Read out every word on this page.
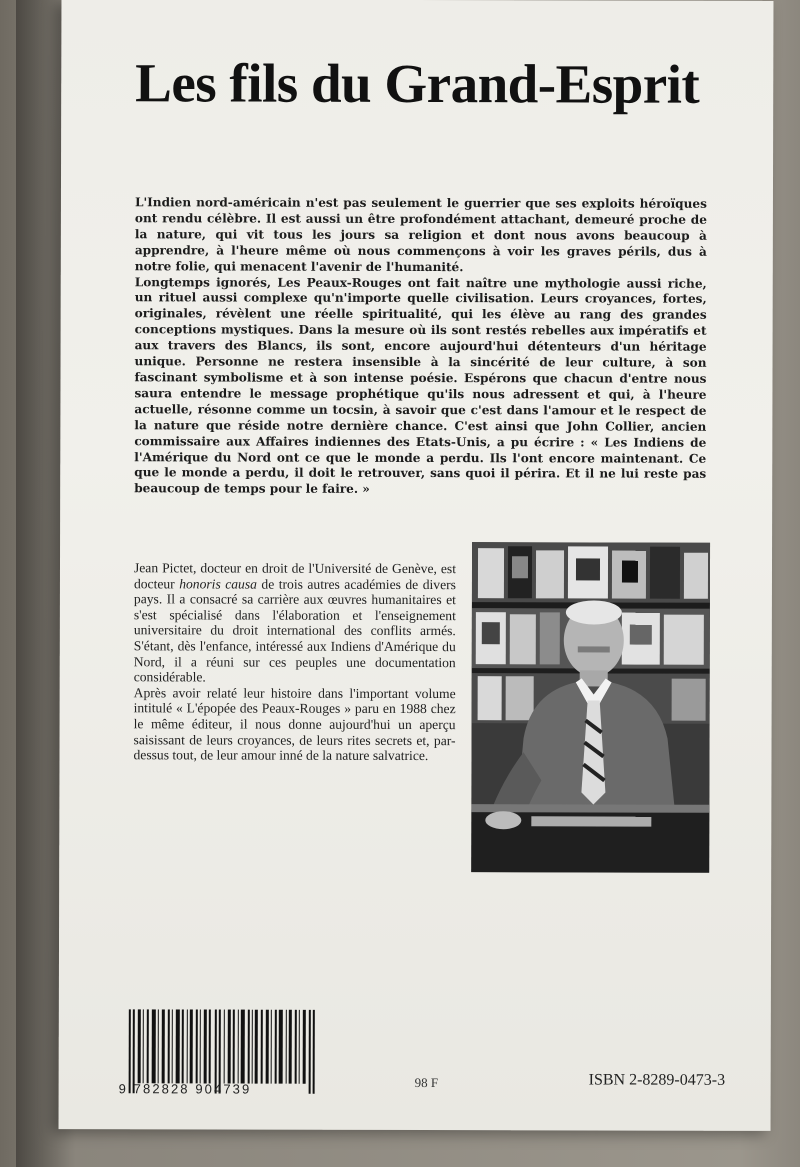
Les fils du Grand-Esprit

L'Indien nord-américain n'est pas seulement le guerrier que ses exploits héroïques ont rendu célèbre. Il est aussi un être profondément attachant, demeuré proche de la nature, qui vit tous les jours sa religion et dont nous avons beaucoup à apprendre, à l'heure même où nous commençons à voir les graves périls, dus à notre folie, qui menacent l'avenir de l'humanité.

Longtemps ignorés, Les Peaux-Rouges ont fait naître une mythologie aussi riche, un rituel aussi complexe qu'n'importe quelle civilisation. Leurs croyances, fortes, originales, révèlent une réelle spiritualité, qui les élève au rang des grandes conceptions mystiques. Dans la mesure où ils sont restés rebelles aux impératifs et aux travers des Blancs, ils sont, encore aujourd'hui détenteurs d'un héritage unique. Personne ne restera insensible à la sincérité de leur culture, à son fascinant symbolisme et à son intense poésie. Espérons que chacun d'entre nous saura entendre le message prophétique qu'ils nous adressent et qui, à l'heure actuelle, résonne comme un tocsin, à savoir que c'est dans l'amour et le respect de la nature que réside notre dernière chance. C'est ainsi que John Collier, ancien commissaire aux Affaires indiennes des Etats-Unis, a pu écrire : « Les Indiens de l'Amérique du Nord ont ce que le monde a perdu. Ils l'ont encore maintenant. Ce que le monde a perdu, il doit le retrouver, sans quoi il périra. Et il ne lui reste pas beaucoup de temps pour le faire. »

Jean Pictet, docteur en droit de l'Université de Genève, est docteur honoris causa de trois autres académies de divers pays. Il a consacré sa carrière aux œuvres humanitaires et s'est spécialisé dans l'élaboration et l'enseignement universitaire du droit international des conflits armés. S'étant, dès l'enfance, intéressé aux Indiens d'Amérique du Nord, il a réuni sur ces peuples une documentation considérable.

Après avoir relaté leur histoire dans l'important volume intitulé « L'épopée des Peaux-Rouges » paru en 1988 chez le même éditeur, il nous donne aujourd'hui un aperçu saisissant de leurs croyances, de leurs rites secrets et, par-dessus tout, de leur amour inné de la nature salvatrice.

9 782828 904739	98 F	ISBN 2-8289-0473-3
